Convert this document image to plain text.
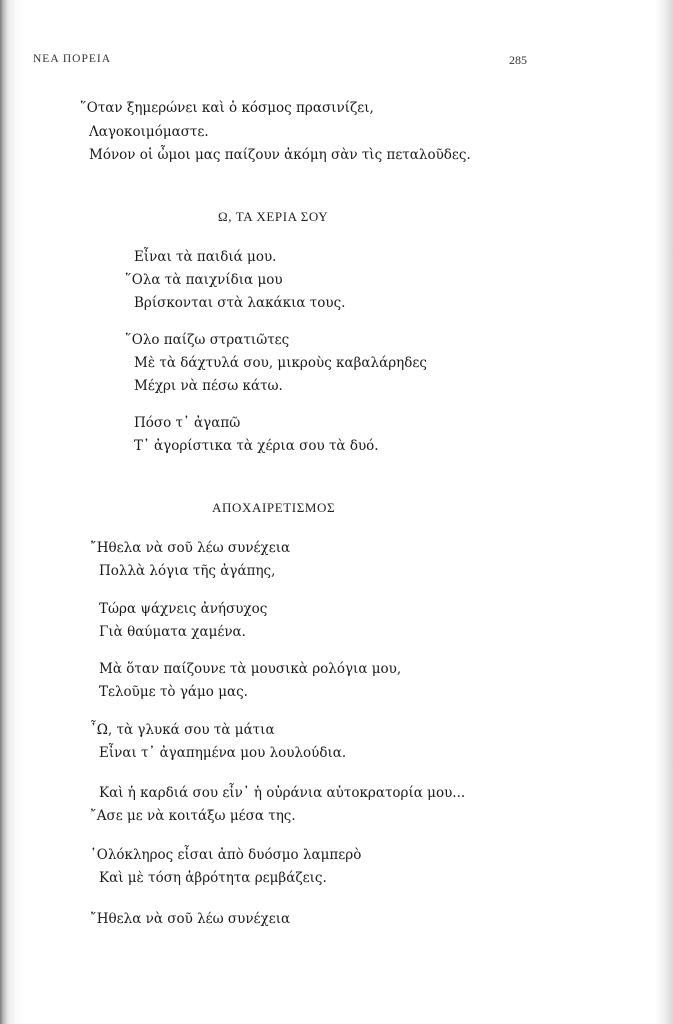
ΝΕΑ ΠΟΡΕΙΑ	285
῞Οταν ξημερώνει καὶ ὁ κόσμος πρασινίζει,
Λαγοκοιμόμαστε.
Μόνον οἱ ὦμοι μας παίζουν ἀκόμη σὰν τὶς πεταλοῦδες.
Ω, ΤΑ ΧΕΡΙΑ ΣΟΥ
Εἶναι τὰ παιδιά μου.
῞Ολα τὰ παιχνίδια μου
Βρίσκονται στὰ λακάκια τους.
῞Ολο παίζω στρατιῶτες
Μὲ τὰ δάχτυλά σου, μικροὺς καβαλάρηδες
Μέχρι νὰ πέσω κάτω.
Πόσο τ᾽ ἀγαπῶ
Τ᾽ ἀγορίστικα τὰ χέρια σου τὰ δυό.
ΑΠΟΧΑΙΡΕΤΙΣΜΟΣ
῎Ηθελα νὰ σοῦ λέω συνέχεια
Πολλὰ λόγια τῆς ἀγάπης,
Τώρα ψάχνεις ἀνήσυχος
Γιὰ θαύματα χαμένα.
Μὰ ὅταν παίζουνε τὰ μουσικὰ ρολόγια μου,
Τελοῦμε τὸ γάμο μας.
῏Ω, τὰ γλυκά σου τὰ μάτια
Εἶναι τ᾽ ἀγαπημένα μου λουλούδια.
Καὶ ἡ καρδιά σου εἶν᾽ ἡ οὐράνια αὐτοκρατορία μου...
῎Ασε με νὰ κοιτάξω μέσα της.
῾Ολόκληρος εἶσαι ἀπὸ δυόσμο λαμπερὸ
Καὶ μὲ τόση ἁβρότητα ρεμβάζεις.
῎Ηθελα νὰ σοῦ λέω συνέχεια
